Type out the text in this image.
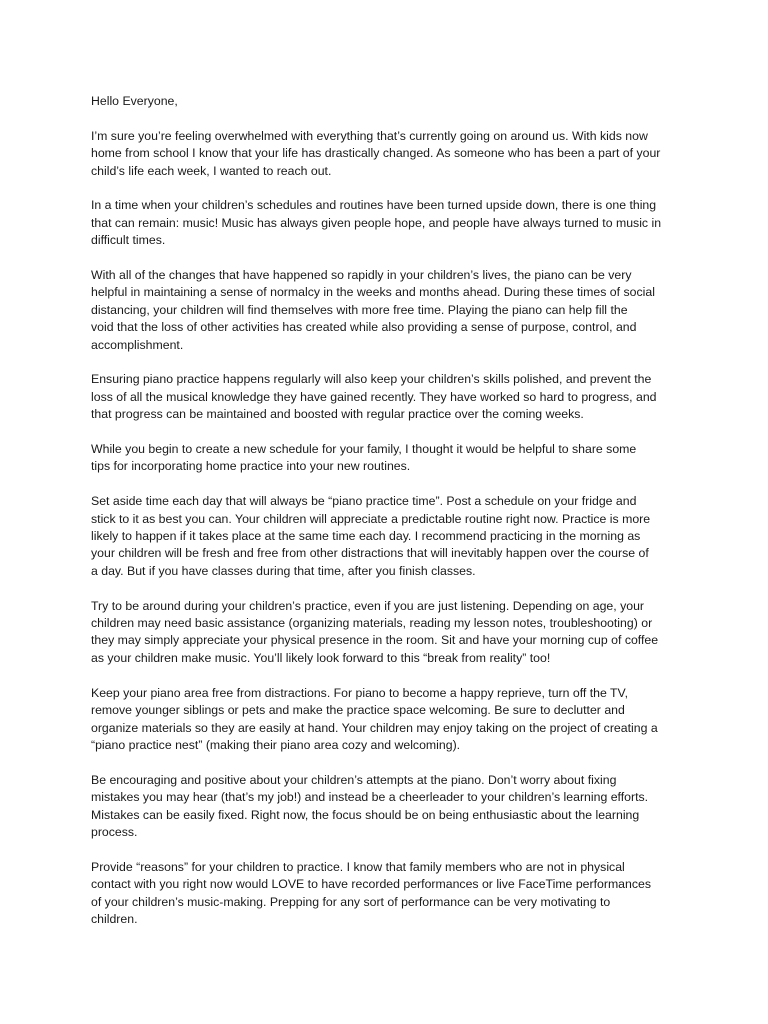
Hello Everyone,

I’m sure you’re feeling overwhelmed with everything that’s currently going on around us. With kids now
home from school I know that your life has drastically changed. As someone who has been a part of your
child’s life each week, I wanted to reach out.

In a time when your children’s schedules and routines have been turned upside down, there is one thing
that can remain: music! Music has always given people hope, and people have always turned to music in
difficult times.

With all of the changes that have happened so rapidly in your children’s lives, the piano can be very
helpful in maintaining a sense of normalcy in the weeks and months ahead. During these times of social
distancing, your children will find themselves with more free time. Playing the piano can help fill the
void that the loss of other activities has created while also providing a sense of purpose, control, and
accomplishment.

Ensuring piano practice happens regularly will also keep your children’s skills polished, and prevent the
loss of all the musical knowledge they have gained recently. They have worked so hard to progress, and
that progress can be maintained and boosted with regular practice over the coming weeks.

While you begin to create a new schedule for your family, I thought it would be helpful to share some
tips for incorporating home practice into your new routines.

Set aside time each day that will always be “piano practice time”. Post a schedule on your fridge and
stick to it as best you can. Your children will appreciate a predictable routine right now. Practice is more
likely to happen if it takes place at the same time each day. I recommend practicing in the morning as
your children will be fresh and free from other distractions that will inevitably happen over the course of
a day. But if you have classes during that time, after you finish classes.

Try to be around during your children’s practice, even if you are just listening. Depending on age, your
children may need basic assistance (organizing materials, reading my lesson notes, troubleshooting) or
they may simply appreciate your physical presence in the room. Sit and have your morning cup of coffee
as your children make music. You’ll likely look forward to this “break from reality” too!

Keep your piano area free from distractions. For piano to become a happy reprieve, turn off the TV,
remove younger siblings or pets and make the practice space welcoming. Be sure to declutter and
organize materials so they are easily at hand. Your children may enjoy taking on the project of creating a
“piano practice nest” (making their piano area cozy and welcoming).

Be encouraging and positive about your children’s attempts at the piano. Don’t worry about fixing
mistakes you may hear (that’s my job!) and instead be a cheerleader to your children’s learning efforts.
Mistakes can be easily fixed. Right now, the focus should be on being enthusiastic about the learning
process.

Provide “reasons” for your children to practice. I know that family members who are not in physical
contact with you right now would LOVE to have recorded performances or live FaceTime performances
of your children’s music-making. Prepping for any sort of performance can be very motivating to
children.
